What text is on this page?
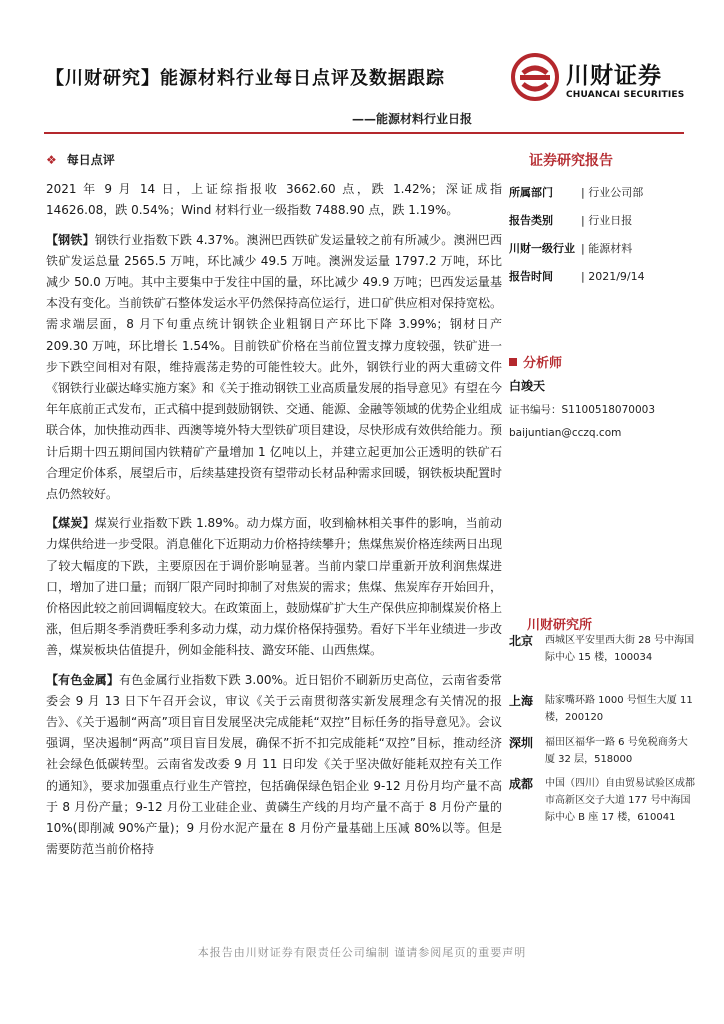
【川财研究】能源材料行业每日点评及数据跟踪
——能源材料行业日报
川财证券
CHUANCAI SECURITIES
❖ 每日点评

2021 年 9 月 14 日，上证综指报收 3662.60 点，跌 1.42%；深证成指 14626.08，跌 0.54%；Wind 材料行业一级指数 7488.90 点，跌 1.19%。

【钢铁】钢铁行业指数下跌 4.37%。澳洲巴西铁矿发运量较之前有所减少。澳洲巴西铁矿发运总量 2565.5 万吨，环比减少 49.5 万吨。澳洲发运量 1797.2 万吨，环比减少 50.0 万吨。其中主要集中于发往中国的量，环比减少 49.9 万吨；巴西发运量基本没有变化。当前铁矿石整体发运水平仍然保持高位运行，进口矿供应相对保持宽松。需求端层面，8 月下旬重点统计钢铁企业粗钢日产环比下降 3.99%；钢材日产 209.30 万吨，环比增长 1.54%。目前铁矿价格在当前位置支撑力度较强，铁矿进一步下跌空间相对有限，维持震荡走势的可能性较大。此外，钢铁行业的两大重磅文件《钢铁行业碳达峰实施方案》和《关于推动钢铁工业高质量发展的指导意见》有望在今年年底前正式发布，正式稿中提到鼓励钢铁、交通、能源、金融等领域的优势企业组成联合体，加快推动西非、西澳等境外特大型铁矿项目建设，尽快形成有效供给能力。预计后期十四五期间国内铁精矿产量增加 1 亿吨以上，并建立起更加公正透明的铁矿石合理定价体系，展望后市，后续基建投资有望带动长材品种需求回暖，钢铁板块配置时点仍然较好。

【煤炭】煤炭行业指数下跌 1.89%。动力煤方面，收到榆林相关事件的影响，当前动力煤供给进一步受限。消息催化下近期动力价格持续攀升；焦煤焦炭价格连续两日出现了较大幅度的下跌，主要原因在于调价影响显著。当前内蒙口岸重新开放利润焦煤进口，增加了进口量；而钢厂限产同时抑制了对焦炭的需求；焦煤、焦炭库存开始回升，价格因此较之前回调幅度较大。在政策面上，鼓励煤矿扩大生产保供应抑制煤炭价格上涨，但后期冬季消费旺季利多动力煤，动力煤价格保持强势。看好下半年业绩进一步改善，煤炭板块估值提升，例如金能科技、潞安环能、山西焦煤。

【有色金属】有色金属行业指数下跌 3.00%。近日铝价不刷新历史高位，云南省委常委会 9 月 13 日下午召开会议，审议《关于云南贯彻落实新发展理念有关情况的报告》、《关于遏制“两高”项目盲目发展坚决完成能耗“双控”目标任务的指导意见》。会议强调，坚决遏制“两高”项目盲目发展，确保不折不扣完成能耗“双控”目标，推动经济社会绿色低碳转型。云南省发改委 9 月 11 日印发《关于坚决做好能耗双控有关工作的通知》，要求加强重点行业生产管控，包括确保绿色铝企业 9-12 月份月均产量不高于 8 月份产量；9-12 月份工业硅企业、黄磷生产线的月均产量不高于 8 月份产量的 10%(即削减 90%产量)；9 月份水泥产量在 8 月份产量基础上压减 80%以等。但是需要防范当前价格持

证券研究报告
所属部门	| 行业公司部
报告类别	| 行业日报
川财一级行业 | 能源材料
报告时间	| 2021/9/14
分析师
白竣天
证书编号：S1100518070003
baijuntian@cczq.com
川财研究所
北京	西城区平安里西大街 28 号中海国际中心 15 楼，100034
上海	陆家嘴环路 1000 号恒生大厦 11 楼，200120
深圳	福田区福华一路 6 号免税商务大厦 32 层，518000
成都	中国（四川）自由贸易试验区成都市高新区交子大道 177 号中海国际中心 B 座 17 楼，610041
本报告由川财证券有限责任公司编制 谨请参阅尾页的重要声明
